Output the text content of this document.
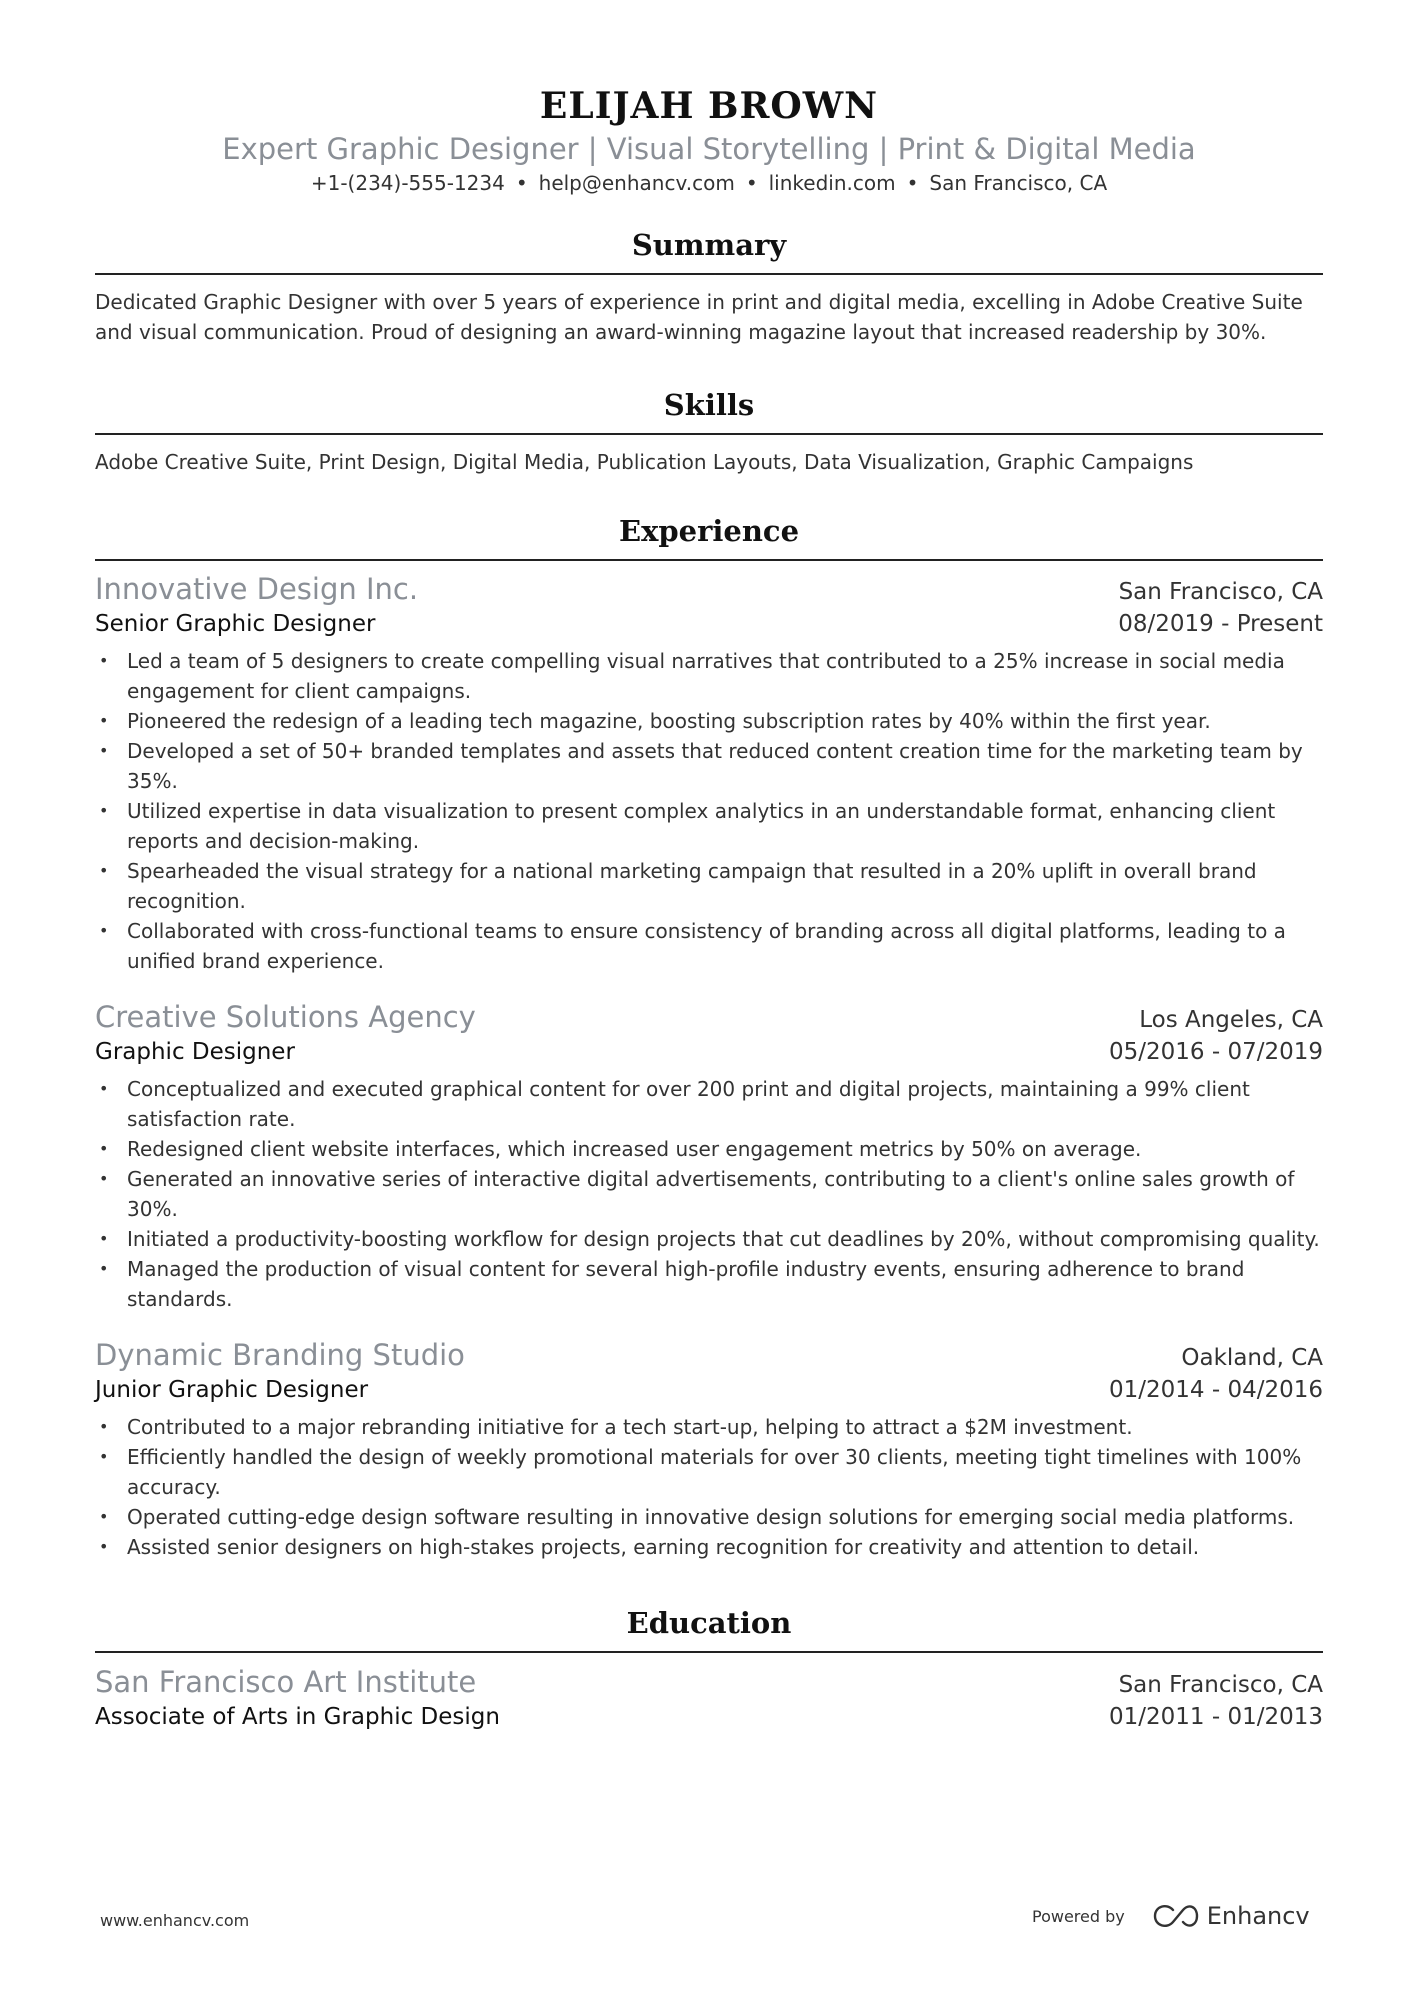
ELIJAH BROWN
Expert Graphic Designer | Visual Storytelling | Print & Digital Media
+1-(234)-555-1234 • help@enhancv.com • linkedin.com • San Francisco, CA
Summary
Dedicated Graphic Designer with over 5 years of experience in print and digital media, excelling in Adobe Creative Suite and visual communication. Proud of designing an award-winning magazine layout that increased readership by 30%.
Skills
Adobe Creative Suite, Print Design, Digital Media, Publication Layouts, Data Visualization, Graphic Campaigns
Experience
Innovative Design Inc.	San Francisco, CA
Senior Graphic Designer	08/2019 - Present
• Led a team of 5 designers to create compelling visual narratives that contributed to a 25% increase in social media engagement for client campaigns.
• Pioneered the redesign of a leading tech magazine, boosting subscription rates by 40% within the first year.
• Developed a set of 50+ branded templates and assets that reduced content creation time for the marketing team by 35%.
• Utilized expertise in data visualization to present complex analytics in an understandable format, enhancing client reports and decision-making.
• Spearheaded the visual strategy for a national marketing campaign that resulted in a 20% uplift in overall brand recognition.
• Collaborated with cross-functional teams to ensure consistency of branding across all digital platforms, leading to a unified brand experience.
Creative Solutions Agency	Los Angeles, CA
Graphic Designer	05/2016 - 07/2019
• Conceptualized and executed graphical content for over 200 print and digital projects, maintaining a 99% client satisfaction rate.
• Redesigned client website interfaces, which increased user engagement metrics by 50% on average.
• Generated an innovative series of interactive digital advertisements, contributing to a client's online sales growth of 30%.
• Initiated a productivity-boosting workflow for design projects that cut deadlines by 20%, without compromising quality.
• Managed the production of visual content for several high-profile industry events, ensuring adherence to brand standards.
Dynamic Branding Studio	Oakland, CA
Junior Graphic Designer	01/2014 - 04/2016
• Contributed to a major rebranding initiative for a tech start-up, helping to attract a $2M investment.
• Efficiently handled the design of weekly promotional materials for over 30 clients, meeting tight timelines with 100% accuracy.
• Operated cutting-edge design software resulting in innovative design solutions for emerging social media platforms.
• Assisted senior designers on high-stakes projects, earning recognition for creativity and attention to detail.
Education
San Francisco Art Institute	San Francisco, CA
Associate of Arts in Graphic Design	01/2011 - 01/2013
www.enhancv.com	Powered by	Enhancv
